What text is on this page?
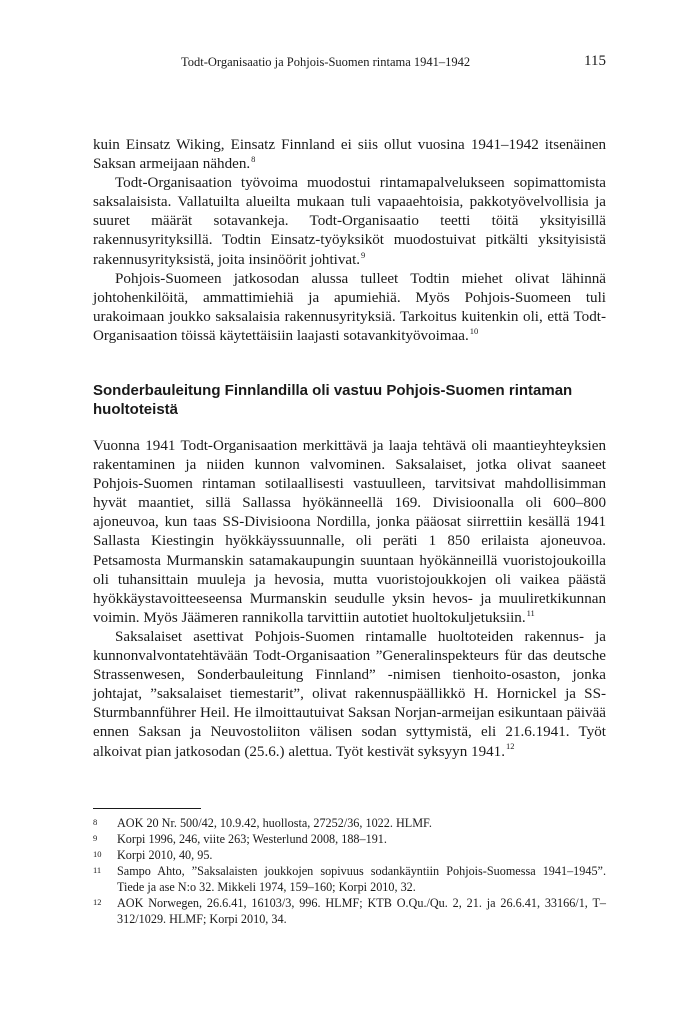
Todt-Organisaatio ja Pohjois-Suomen rintama 1941–1942	115

kuin Einsatz Wiking, Einsatz Finnland ei siis ollut vuosina 1941–1942 itsenäinen Saksan armeijaan nähden.$^8$

Todt-Organisaation työvoima muodostui rintamapalvelukseen sopimattomista saksalaisista. Vallatuilta alueilta mukaan tuli vapaaehtoisia, pakkotyövelvollisia ja suuret määrät sotavankeja. Todt-Organisaatio teetti töitä yksityisillä rakennusyrityksillä. Todtin Einsatz-työyksiköt muodostuivat pitkälti yksityisistä rakennusyrityksistä, joita insinöörit johtivat.$^9$

Pohjois-Suomeen jatkosodan alussa tulleet Todtin miehet olivat lähinnä johtohenkilöitä, ammattimiehiä ja apumiehiä. Myös Pohjois-Suomeen tuli urakoimaan joukko saksalaisia rakennusyrityksiä. Tarkoitus kuitenkin oli, että Todt-Organisaation töissä käytettäisiin laajasti sotavankityövoimaa.$^{10}$

Sonderbauleitung Finnlandilla oli vastuu Pohjois-Suomen rintaman huoltoteistä

Vuonna 1941 Todt-Organisaation merkittävä ja laaja tehtävä oli maantieyhteyksien rakentaminen ja niiden kunnon valvominen. Saksalaiset, jotka olivat saaneet Pohjois-Suomen rintaman sotilaallisesti vastuulleen, tarvitsivat mahdollisimman hyvät maantiet, sillä Sallassa hyökänneellä 169. Divisioonalla oli 600–800 ajoneuvoa, kun taas SS-Divisioona Nordilla, jonka pääosat siirrettiin kesällä 1941 Sallasta Kiestingin hyökkäyssuunnalle, oli peräti 1 850 erilaista ajoneuvoa. Petsamosta Murmanskin satamakaupungin suuntaan hyökänneillä vuoristojoukoilla oli tuhansittain muuleja ja hevosia, mutta vuoristojoukkojen oli vaikea päästä hyökkäystavoitteeseensa Murmanskin seudulle yksin hevos- ja muuliretkikunnan voimin. Myös Jäämeren rannikolla tarvittiin autotiet huoltokuljetuksiin.$^{11}$

Saksalaiset asettivat Pohjois-Suomen rintamalle huoltoteiden rakennus- ja kunnonvalvontatehtävään Todt-Organisaation ”Generalinspekteurs für das deutsche Strassenwesen, Sonderbauleitung Finnland” -nimisen tienhoito-osaston, jonka johtajat, ”saksalaiset tiemestarit”, olivat rakennuspäällikkö H. Hornickel ja SS-Sturmbannführer Heil. He ilmoittautuivat Saksan Norjan-armeijan esikuntaan päivää ennen Saksan ja Neuvostoliiton välisen sodan syttymistä, eli 21.6.1941. Työt alkoivat pian jatkosodan (25.6.) alettua. Työt kestivät syksyyn 1941.12

8	AOK 20 Nr. 500/42, 10.9.42, huollosta, 27252/36, 1022. HLMF.
9	Korpi 1996, 246, viite 263; Westerlund 2008, 188–191.
10	Korpi 2010, 40, 95.
11	Sampo Ahto, ”Saksalaisten joukkojen sopivuus sodankäyntiin Pohjois-Suomessa 1941–1945”. Tiede ja ase N:o 32. Mikkeli 1974, 159–160; Korpi 2010, 32.
12	AOK Norwegen, 26.6.41, 16103/3, 996. HLMF; KTB O.Qu./Qu. 2, 21. ja 26.6.41, 33166/1, T–312/1029. HLMF; Korpi 2010, 34.
